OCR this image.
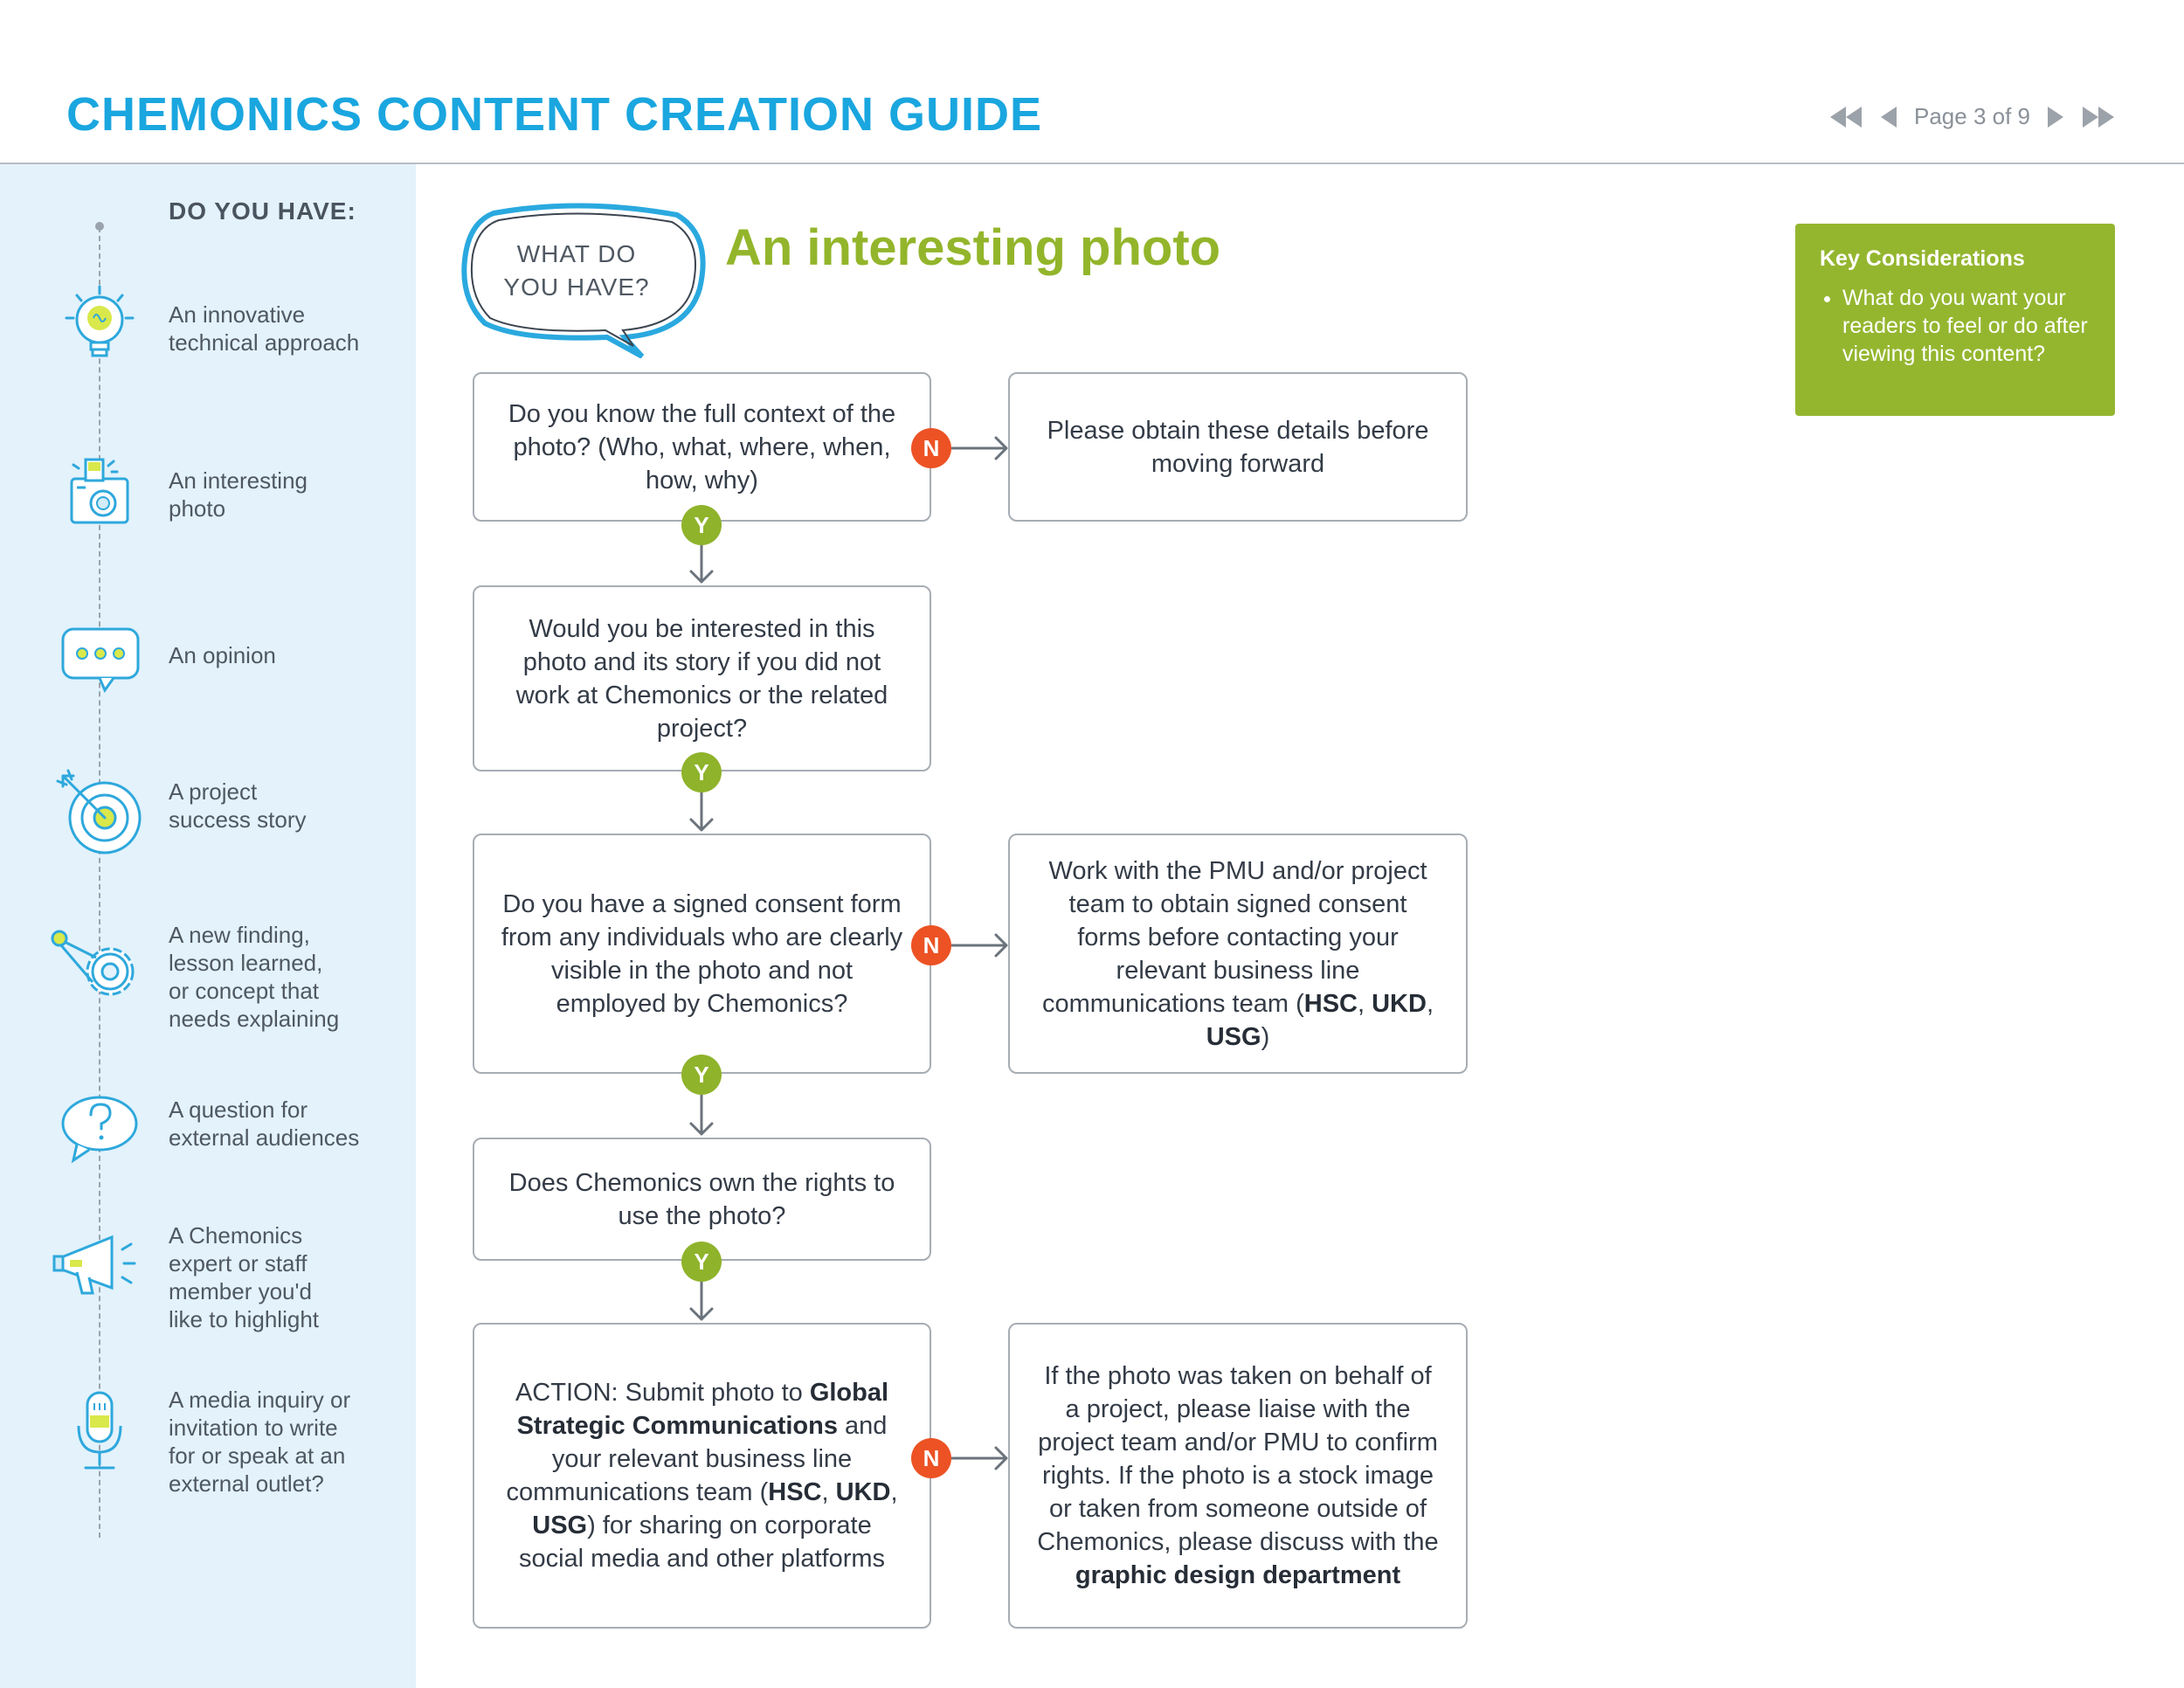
CHEMONICS CONTENT CREATION GUIDE	Page 3 of 9
DO YOU HAVE:
An innovative
technical approach
An interesting
photo
An opinion
A project
success story
A new finding,
lesson learned,
or concept that
needs explaining
A question for
external audiences
A Chemonics
expert or staff
member you'd
like to highlight
A media inquiry or
invitation to write
for or speak at an
external outlet?
WHAT DO
YOU HAVE?
An interesting photo	Key Considerations
• What do you want your readers to feel or do after viewing this content?
Do you know the full context of the photo? (Who, what, where, when, how, why)
Please obtain these details before moving forward
Would you be interested in this photo and its story if you did not work at Chemonics or the related project?
Do you have a signed consent form from any individuals who are clearly visible in the photo and not employed by Chemonics?
Work with the PMU and/or project team to obtain signed consent forms before contacting your relevant business line communications team (HSC, UKD, USG)
Does Chemonics own the rights to use the photo?
ACTION: Submit photo to Global Strategic Communications and your relevant business line communications team (HSC, UKD, USG) for sharing on corporate social media and other platforms
If the photo was taken on behalf of a project, please liaise with the project team and/or PMU to confirm rights. If the photo is a stock image or taken from someone outside of Chemonics, please discuss with the graphic design department
Y
Y
Y
Y
N
N
N
